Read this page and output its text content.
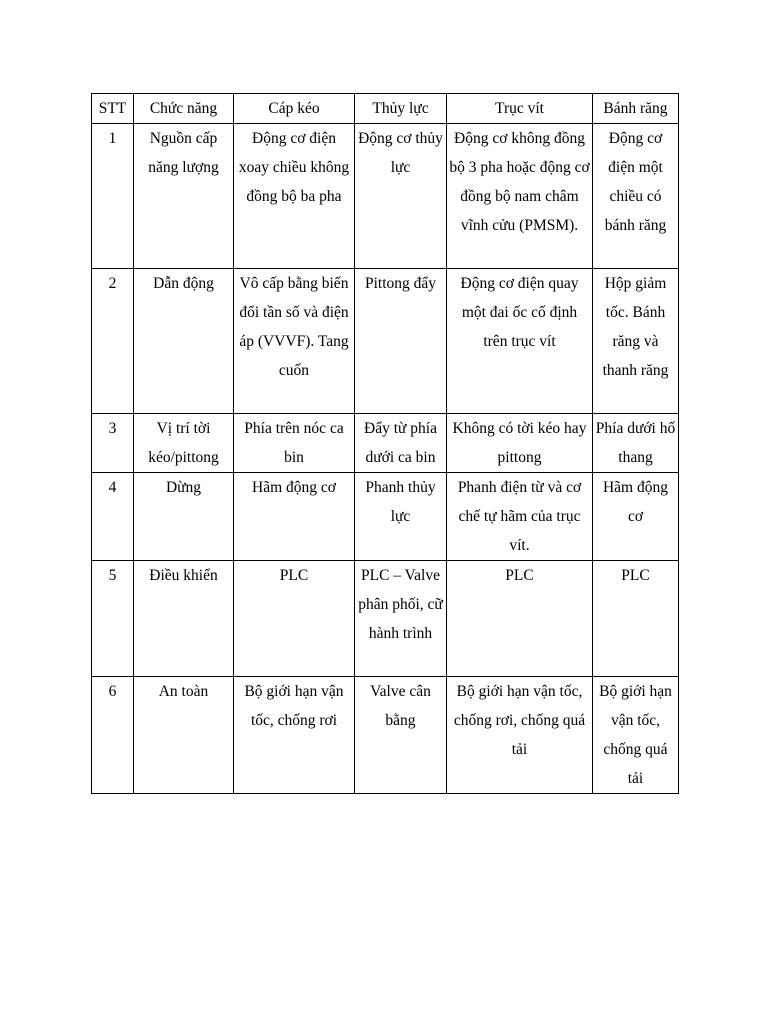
STT	Chức năng	Cáp kéo	Thủy lực	Trục vít	Bánh răng
1	Nguồn cấp năng lượng	Động cơ điện xoay chiều không đồng bộ ba pha	Động cơ thủy lực	Động cơ không đồng bộ 3 pha hoặc động cơ đồng bộ nam châm vĩnh cửu (PMSM).	Động cơ điện một chiều có bánh răng
2	Dẫn động	Vô cấp bằng biến đổi tần số và điện áp (VVVF). Tang cuốn	Pittong đẩy	Động cơ điện quay một đai ốc cố định trên trục vít	Hộp giảm tốc. Bánh răng và thanh răng
3	Vị trí tời kéo/pittong	Phía trên nóc ca bin	Đẩy từ phía dưới ca bin	Không có tời kéo hay pittong	Phía dưới hố thang
4	Dừng	Hãm động cơ	Phanh thủy lực	Phanh điện từ và cơ chế tự hãm của trục vít.	Hãm động cơ
5	Điều khiển	PLC	PLC – Valve phân phối, cữ hành trình	PLC	PLC
6	An toàn	Bộ giới hạn vận tốc, chống rơi	Valve cân bằng	Bộ giới hạn vận tốc, chống rơi, chống quá tải	Bộ giới hạn vận tốc, chống quá tải
